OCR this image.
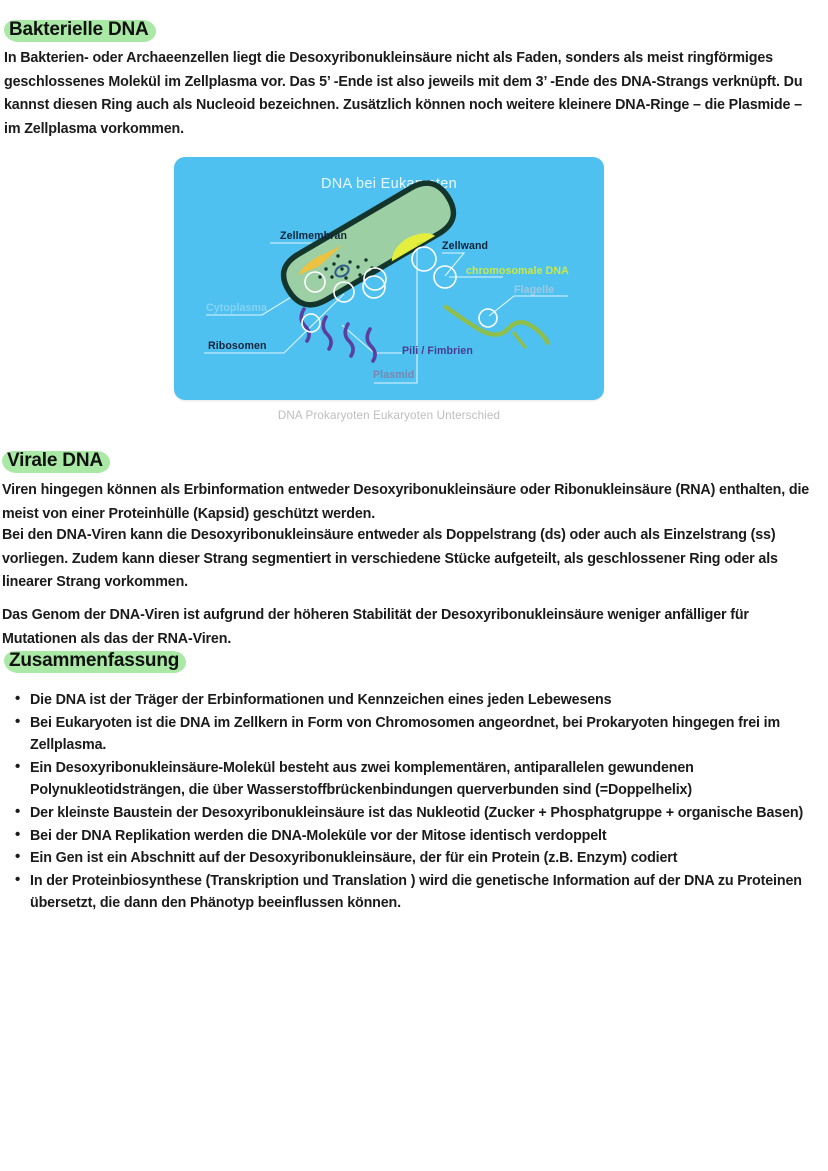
Bakterielle DNA

In Bakterien- oder Archaeenzellen liegt die Desoxyribonukleinsäure nicht als Faden, sonders als meist ringförmiges geschlossenes Molekül im Zellplasma vor. Das 5’ -Ende ist also jeweils mit dem 3’ -Ende des DNA-Strangs verknüpft. Du kannst diesen Ring auch als Nucleoid bezeichnen. Zusätzlich können noch weitere kleinere DNA-Ringe – die Plasmide – im Zellplasma vorkommen.

DNA bei Eukaryoten
Zellmembran
Plasmid
Zellwand
chromosomale DNA
Flagelle
Cytoplasma
Ribosomen	Pili / Fimbrien
DNA Prokaryoten Eukaryoten Unterschied
Virale DNA

Viren hingegen können als Erbinformation entweder Desoxyribonukleinsäure oder Ribonukleinsäure (RNA) enthalten, die meist von einer Proteinhülle (Kapsid) geschützt werden.

Bei den DNA-Viren kann die Desoxyribonukleinsäure entweder als Doppelstrang (ds) oder auch als Einzelstrang (ss) vorliegen. Zudem kann dieser Strang segmentiert in verschiedene Stücke aufgeteilt, als geschlossener Ring oder als linearer Strang vorkommen.

Das Genom der DNA-Viren ist aufgrund der höheren Stabilität der Desoxyribonukleinsäure weniger anfälliger für Mutationen als das der RNA-Viren.

Zusammenfassung
• Die DNA ist der Träger der Erbinformationen und Kennzeichen eines jeden Lebewesens
• Bei Eukaryoten ist die DNA im Zellkern in Form von Chromosomen angeordnet, bei Prokaryoten hingegen frei im Zellplasma.
• Ein Desoxyribonukleinsäure-Molekül besteht aus zwei komplementären, antiparallelen gewundenen Polynukleotidsträngen, die über Wasserstoffbrückenbindungen querverbunden sind (=Doppelhelix)
• Der kleinste Baustein der Desoxyribonukleinsäure ist das Nukleotid (Zucker + Phosphatgruppe + organische Basen)
• Bei der DNA Replikation werden die DNA-Moleküle vor der Mitose identisch verdoppelt
• Ein Gen ist ein Abschnitt auf der Desoxyribonukleinsäure, der für ein Protein (z.B. Enzym) codiert
• In der Proteinbiosynthese (Transkription und Translation ) wird die genetische Information auf der DNA zu Proteinen übersetzt, die dann den Phänotyp beeinflussen können.
